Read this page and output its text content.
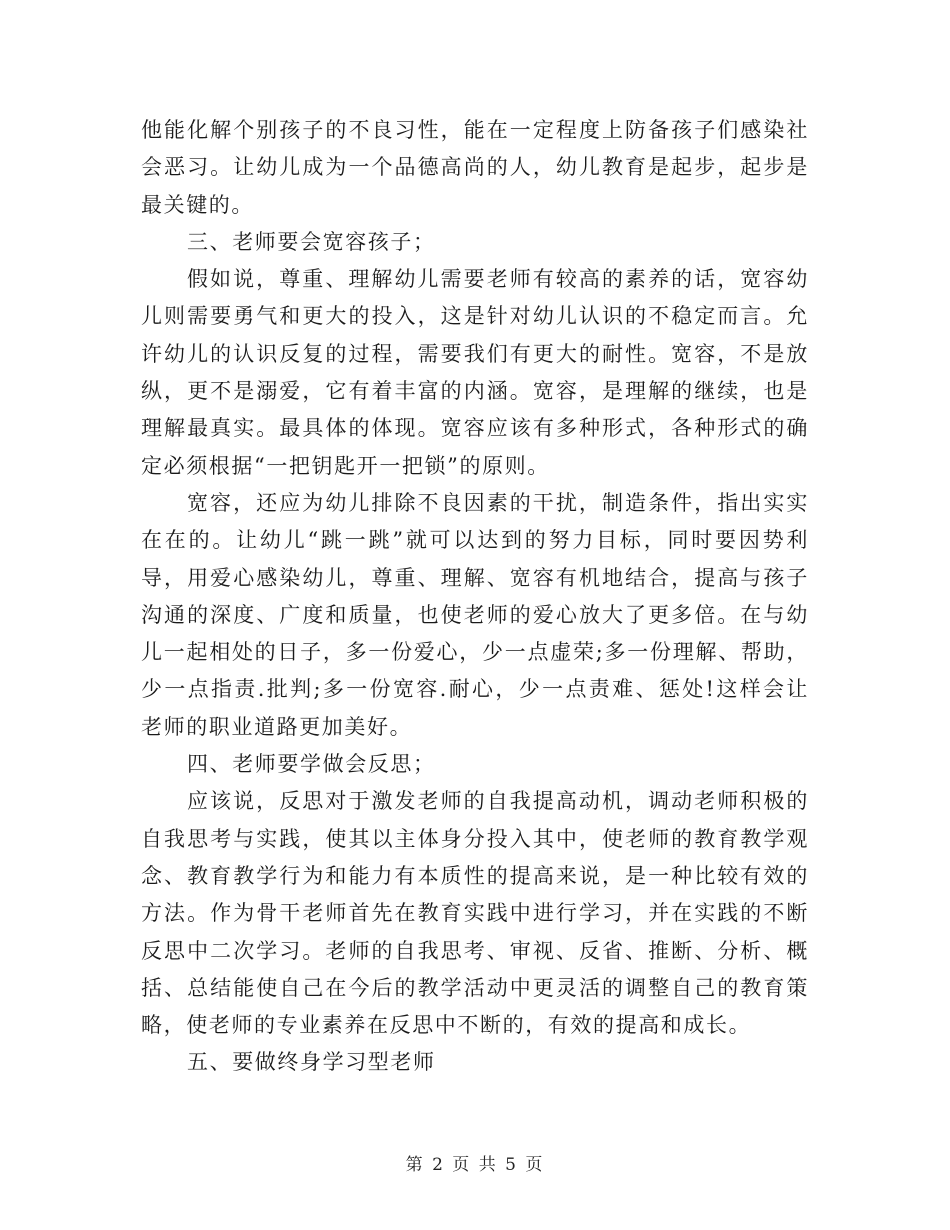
他能化解个别孩子的不良习性，能在一定程度上防备孩子们感染社会恶习。让幼儿成为一个品德高尚的人，幼儿教育是起步，起步是最关键的。

三、老师要会宽容孩子；

假如说，尊重、理解幼儿需要老师有较高的素养的话，宽容幼儿则需要勇气和更大的投入，这是针对幼儿认识的不稳定而言。允许幼儿的认识反复的过程，需要我们有更大的耐性。宽容，不是放纵，更不是溺爱，它有着丰富的内涵。宽容，是理解的继续，也是理解最真实。最具体的体现。宽容应该有多种形式，各种形式的确定必须根据“一把钥匙开一把锁”的原则。

宽容，还应为幼儿排除不良因素的干扰，制造条件，指出实实在在的。让幼儿“跳一跳”就可以达到的努力目标，同时要因势利导，用爱心感染幼儿，尊重、理解、宽容有机地结合，提高与孩子沟通的深度、广度和质量，也使老师的爱心放大了更多倍。在与幼儿一起相处的日子，多一份爱心，少一点虚荣;多一份理解、帮助，少一点指责.批判;多一份宽容.耐心，少一点责难、惩处!这样会让老师的职业道路更加美好。

四、老师要学做会反思；

应该说，反思对于激发老师的自我提高动机，调动老师积极的自我思考与实践，使其以主体身分投入其中，使老师的教育教学观念、教育教学行为和能力有本质性的提高来说，是一种比较有效的方法。作为骨干老师首先在教育实践中进行学习，并在实践的不断反思中二次学习。老师的自我思考、审视、反省、推断、分析、概括、总结能使自己在今后的教学活动中更灵活的调整自己的教育策略，使老师的专业素养在反思中不断的，有效的提高和成长。

五、要做终身学习型老师

第 2 页 共 5 页
